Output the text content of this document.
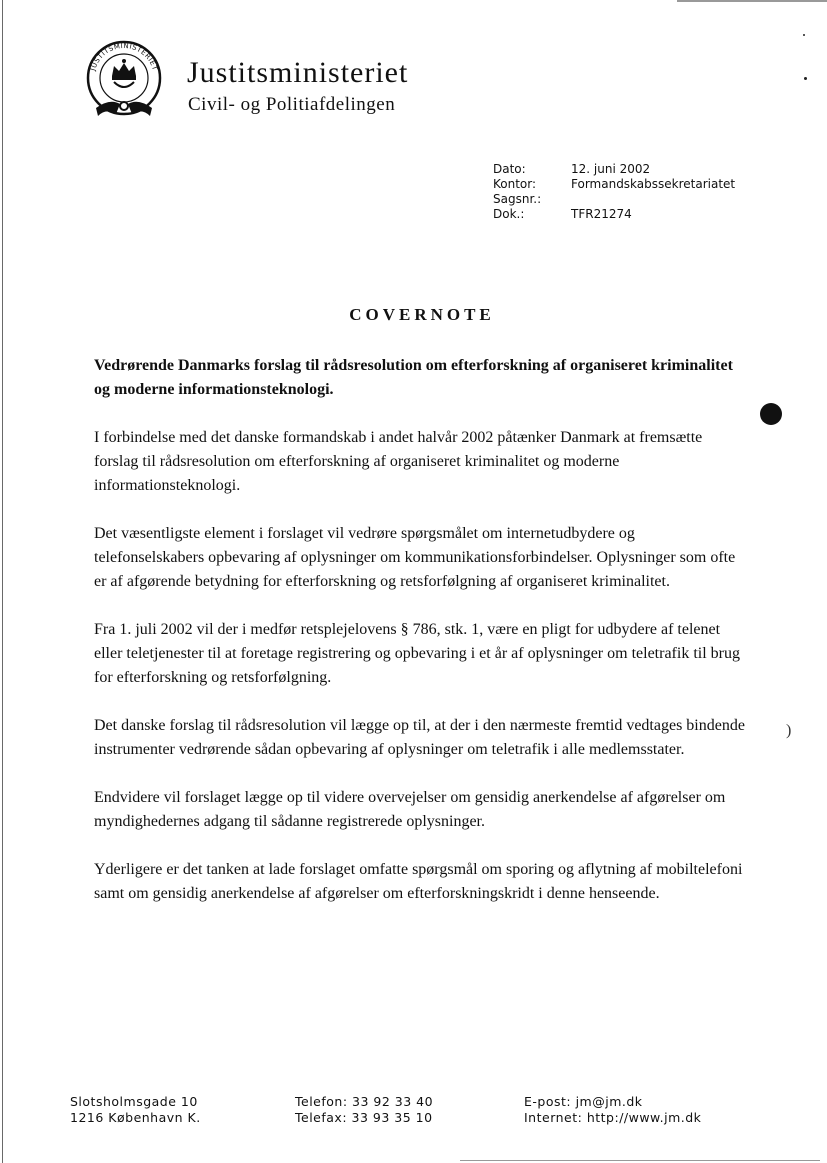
)
JUSTITSMINISTERIET Justitsministeriet
Civil- og Politiafdelingen
Dato:	12. juni 2002
Kontor:	Formandskabssekretariatet
Sagsnr.:
Dok.:	TFR21274
COVERNOTE

Vedrørende Danmarks forslag til rådsresolution om efterforskning af organiseret kriminalitet og moderne informationsteknologi.

I forbindelse med det danske formandskab i andet halvår 2002 påtænker Danmark at fremsætte forslag til rådsresolution om efterforskning af organiseret kriminalitet og moderne informationsteknologi.

Det væsentligste element i forslaget vil vedrøre spørgsmålet om internetudbydere og telefonselskabers opbevaring af oplysninger om kommunikationsforbindelser. Oplysninger som ofte er af afgørende betydning for efterforskning og retsforfølgning af organiseret kriminalitet.

Fra 1. juli 2002 vil der i medfør retsplejelovens § 786, stk. 1, være en pligt for udbydere af telenet eller teletjenester til at foretage registrering og opbevaring i et år af oplysninger om teletrafik til brug for efterforskning og retsforfølgning.

Det danske forslag til rådsresolution vil lægge op til, at der i den nærmeste fremtid vedtages bindende instrumenter vedrørende sådan opbevaring af oplysninger om teletrafik i alle medlemsstater.

Endvidere vil forslaget lægge op til videre overvejelser om gensidig anerkendelse af afgørelser om myndighedernes adgang til sådanne registrerede oplysninger.

Yderligere er det tanken at lade forslaget omfatte spørgsmål om sporing og aflytning af mobiltelefoni samt om gensidig anerkendelse af afgørelser om efterforskningskridt i denne henseende.

Slotsholmsgade 10
1216 København K.
Telefon: 33 92 33 40
Telefax: 33 93 35 10
E-post: jm@jm.dk
Internet: http://www.jm.dk
